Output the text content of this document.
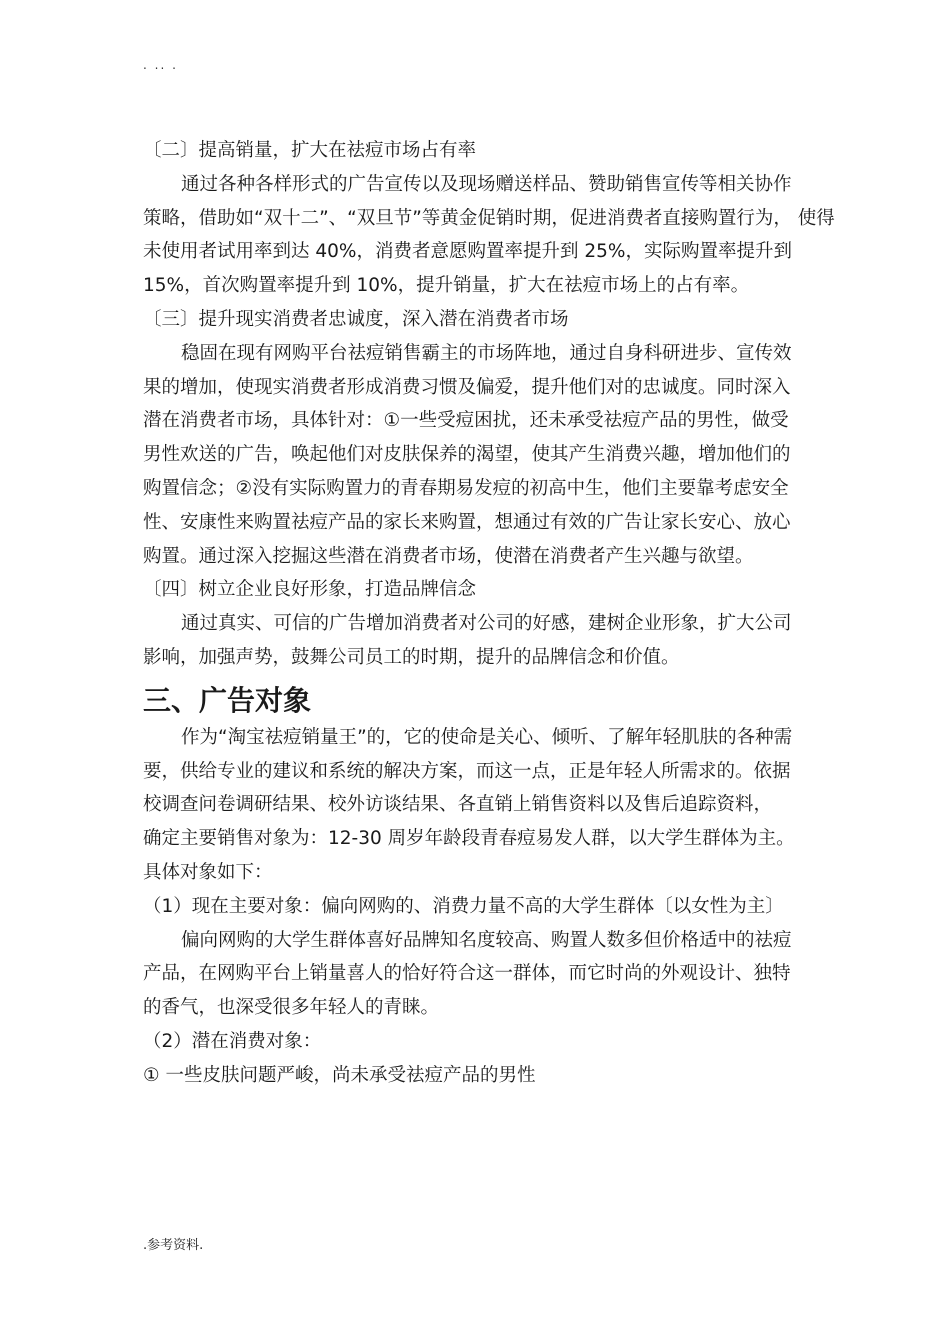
. .. .

〔二〕提高销量，扩大在祛痘市场占有率

通过各种各样形式的广告宣传以及现场赠送样品、赞助销售宣传等相关协作

策略，借助如“双十二”、“双旦节”等黄金促销时期，促进消费者直接购置行为， 使得

未使用者试用率到达 40%，消费者意愿购置率提升到 25%，实际购置率提升到

15%，首次购置率提升到 10%，提升销量，扩大在祛痘市场上的占有率。

〔三〕提升现实消费者忠诚度，深入潜在消费者市场

稳固在现有网购平台祛痘销售霸主的市场阵地，通过自身科研进步、宣传效

果的增加，使现实消费者形成消费习惯及偏爱，提升他们对的忠诚度。同时深入

潜在消费者市场，具体针对：①一些受痘困扰，还未承受祛痘产品的男性，做受

男性欢送的广告，唤起他们对皮肤保养的渴望，使其产生消费兴趣，增加他们的

购置信念；②没有实际购置力的青春期易发痘的初高中生，他们主要靠考虑安全

性、安康性来购置祛痘产品的家长来购置，想通过有效的广告让家长安心、放心

购置。通过深入挖掘这些潜在消费者市场，使潜在消费者产生兴趣与欲望。

〔四〕树立企业良好形象，打造品牌信念

通过真实、可信的广告增加消费者对公司的好感，建树企业形象，扩大公司

影响，加强声势，鼓舞公司员工的时期，提升的品牌信念和价值。

三、广告对象

作为“淘宝祛痘销量王”的，它的使命是关心、倾听、了解年轻肌肤的各种需

要，供给专业的建议和系统的解决方案，而这一点，正是年轻人所需求的。依据

校调查问卷调研结果、校外访谈结果、各直销上销售资料以及售后追踪资料，

确定主要销售对象为：12-30 周岁年龄段青春痘易发人群，以大学生群体为主。

具体对象如下：

（1）现在主要对象：偏向网购的、消费力量不高的大学生群体〔以女性为主〕

偏向网购的大学生群体喜好品牌知名度较高、购置人数多但价格适中的祛痘

产品，在网购平台上销量喜人的恰好符合这一群体，而它时尚的外观设计、独特

的香气，也深受很多年轻人的青睐。

（2）潜在消费对象：

① 一些皮肤问题严峻，尚未承受祛痘产品的男性

.参考资料.
